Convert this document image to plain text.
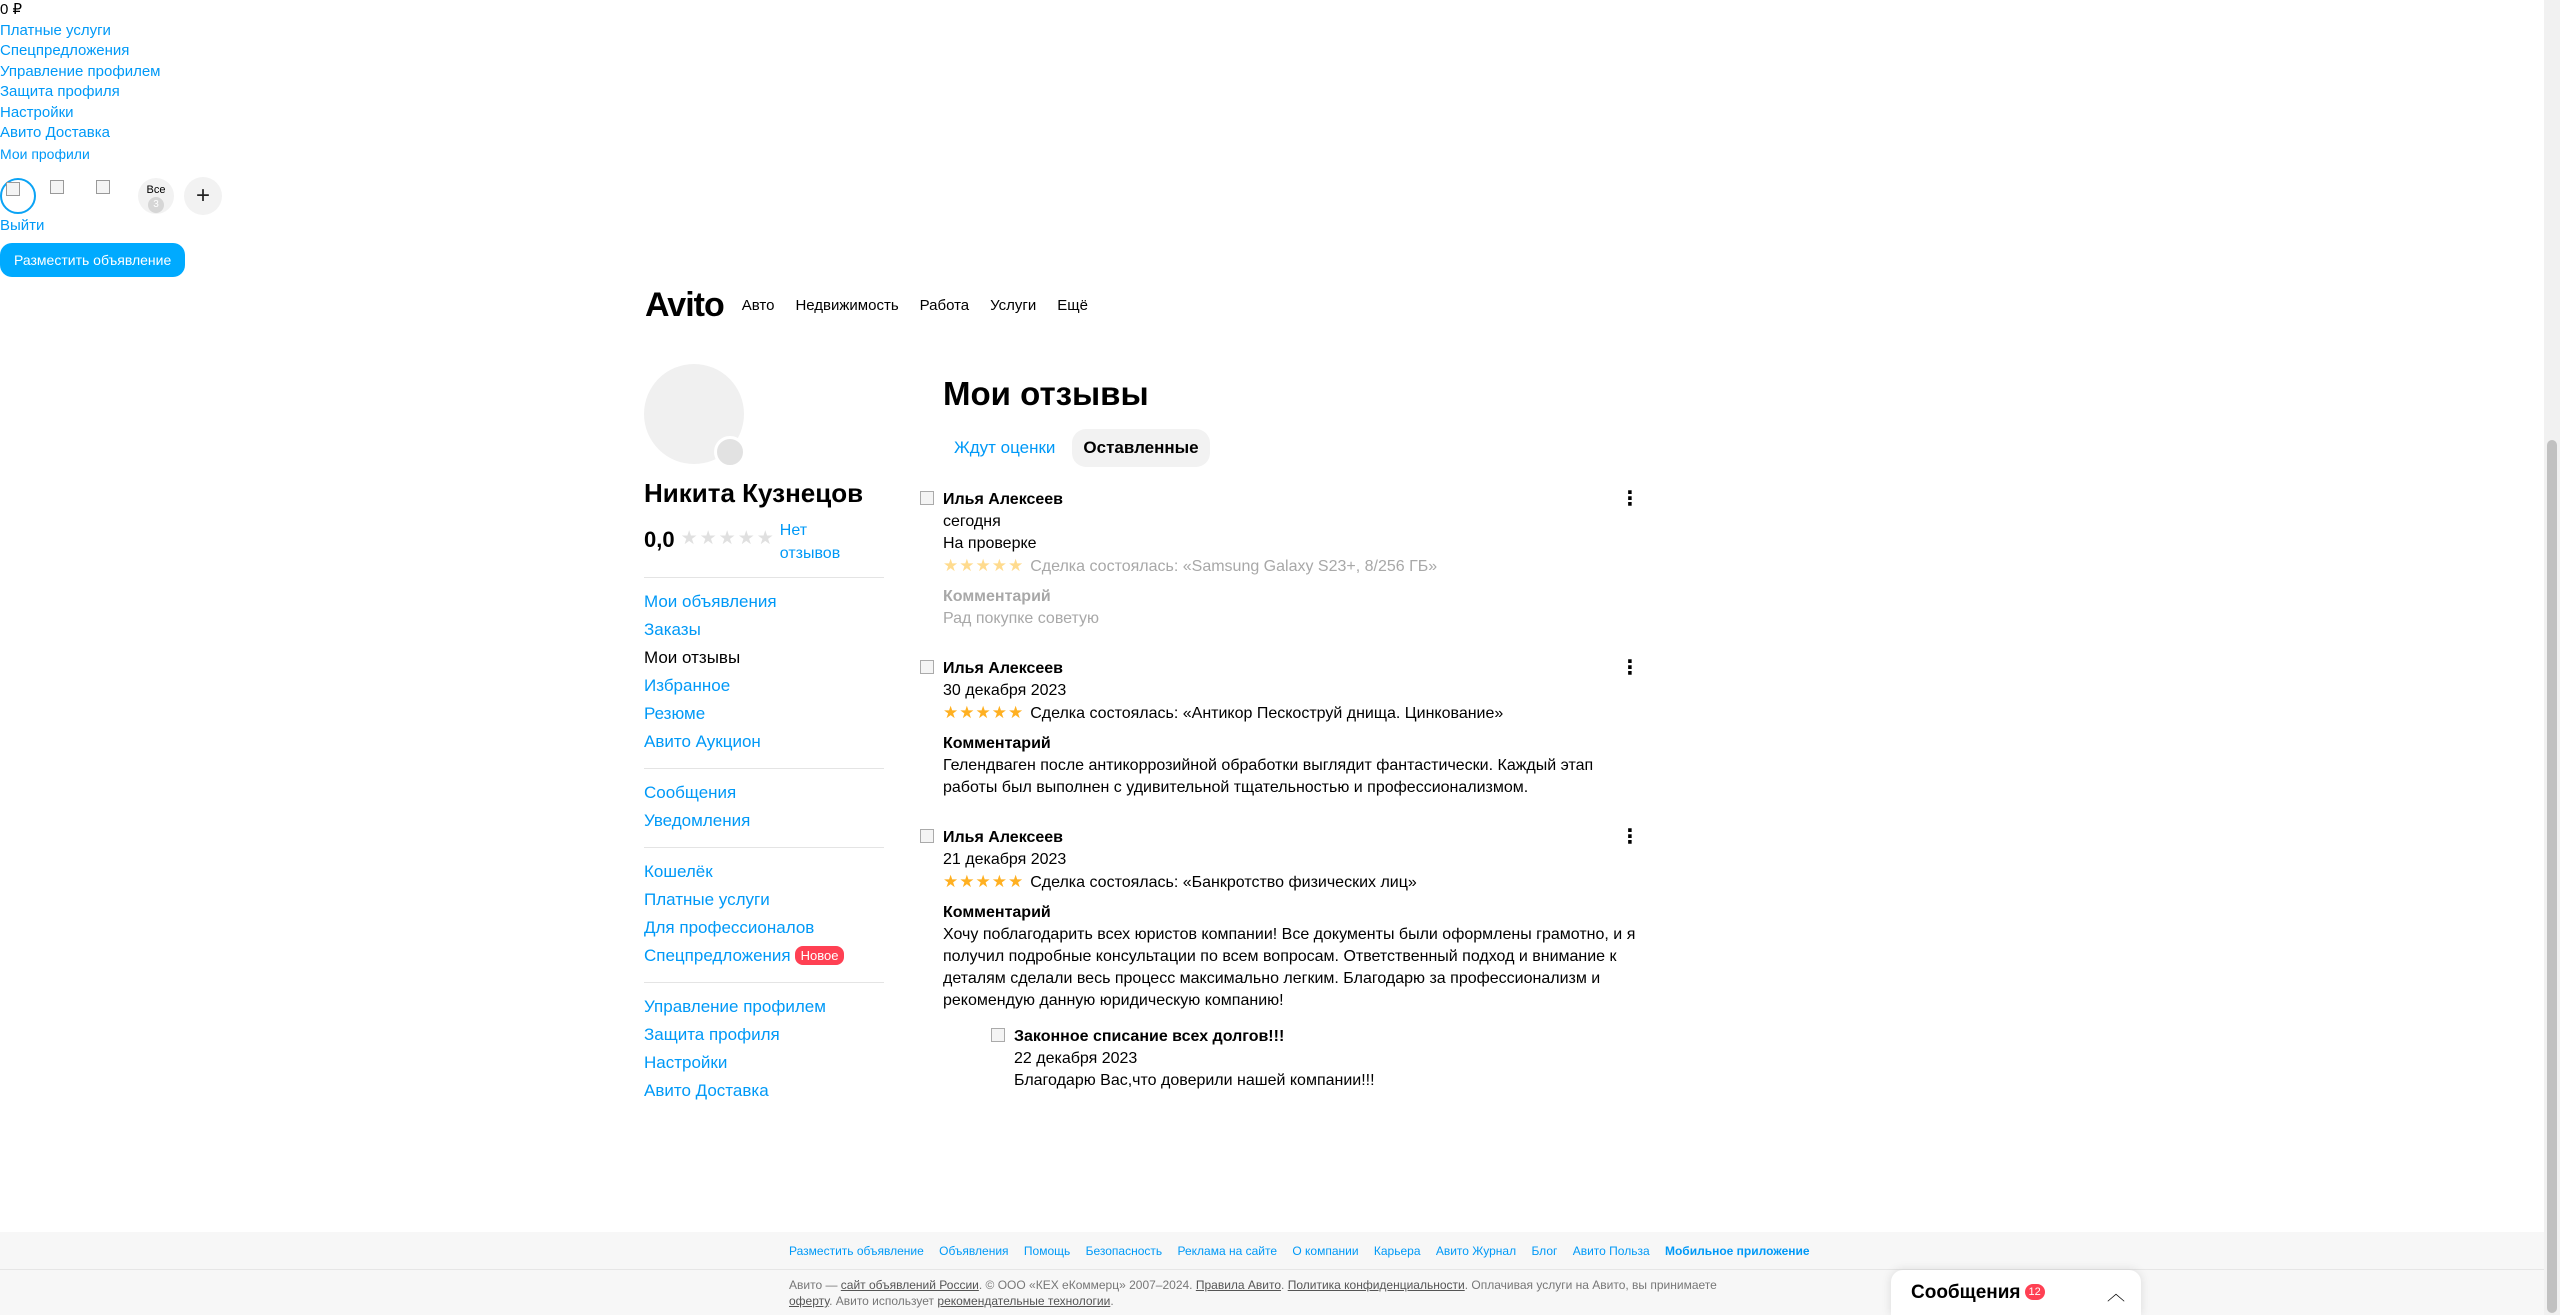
0 ₽
Платные услуги
Спецпредложения
Управление профилем
Защита профиля
Настройки
Авито Доставка
Мои профили
Все
3	+
Выйти
Разместить объявление
Avito Авто Недвижимость Работа Услуги Ещё
Никита Кузнецов
0,0 ★★★★★ Нет отзывов
Мои объявления
Заказы
Мои отзывы
Избранное
Резюме
Авито Аукцион
Сообщения
Уведомления
Кошелёк
Платные услуги
Для профессионалов
Спецпредложения Новое
Управление профилем
Защита профиля
Настройки
Авито Доставка
Мои отзывы
Ждут оценки	Оставленные
⋮
Илья Алексеев
сегодня
На проверке
★★★★★ Сделка состоялась: «Samsung Galaxy S23+, 8/256 ГБ»
Комментарий
Рад покупке советую
⋮
Илья Алексеев
30 декабря 2023
★★★★★ Сделка состоялась: «Антикор Пескоструй днища. Цинкование»
Комментарий
Гелендваген после антикоррозийной обработки выглядит фантастически. Каждый этап работы был выполнен с удивительной тщательностью и профессионализмом.
⋮
Илья Алексеев
21 декабря 2023
★★★★★ Сделка состоялась: «Банкротство физических лиц»
Комментарий
Хочу поблагодарить всех юристов компании! Все документы были оформлены грамотно, и я получил подробные консультации по всем вопросам. Ответственный подход и внимание к деталям сделали весь процесс максимально легким. Благодарю за профессионализм и рекомендую данную юридическую компанию!
Законное списание всех долгов!!!
22 декабря 2023
Благодарю Вас,что доверили нашей компании!!!
Разместить объявление Объявления Помощь Безопасность Реклама на сайте О компании Карьера Авито Журнал Блог Авито Польза Мобильное приложение
Авито — сайт объявлений России. © ООО «КЕХ еКоммерц» 2007–2024. Правила Авито. Политика конфиденциальности. Оплачивая услуги на Авито, вы принимаете оферту. Авито использует рекомендательные технологии.	Сообщения 12	︿
